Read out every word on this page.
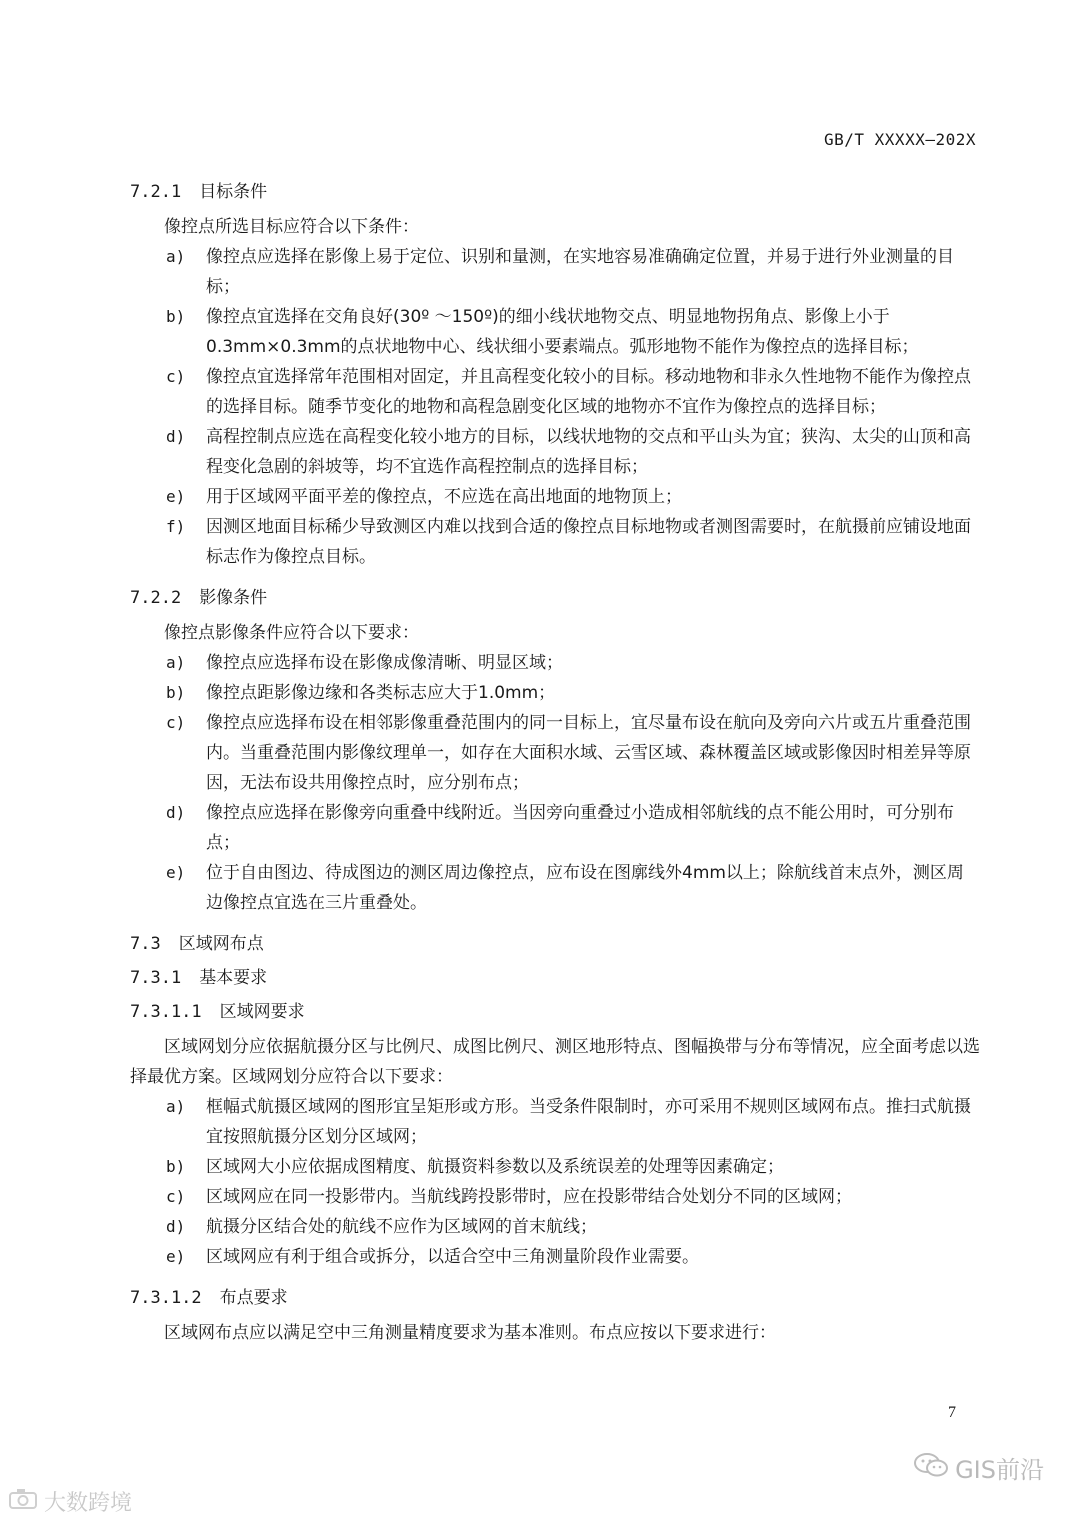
GB/T XXXXX—202X
7.2.1 目标条件

像控点所选目标应符合以下条件：

a)	像控点应选择在影像上易于定位、识别和量测，在实地容易准确确定位置，并易于进行外业测量的目标；
b)	像控点宜选择在交角良好(30º ～150º)的细小线状地物交点、明显地物拐角点、影像上小于0.3mm×0.3mm的点状地物中心、线状细小要素端点。弧形地物不能作为像控点的选择目标；
c)	像控点宜选择常年范围相对固定，并且高程变化较小的目标。移动地物和非永久性地物不能作为像控点的选择目标。随季节变化的地物和高程急剧变化区域的地物亦不宜作为像控点的选择目标；
d)	高程控制点应选在高程变化较小地方的目标，以线状地物的交点和平山头为宜；狭沟、太尖的山顶和高程变化急剧的斜坡等，均不宜选作高程控制点的选择目标；
e)	用于区域网平面平差的像控点，不应选在高出地面的地物顶上；
f)	因测区地面目标稀少导致测区内难以找到合适的像控点目标地物或者测图需要时，在航摄前应铺设地面标志作为像控点目标。
7.2.2 影像条件

像控点影像条件应符合以下要求：

a)	像控点应选择布设在影像成像清晰、明显区域；
b)	像控点距影像边缘和各类标志应大于1.0mm；
c)	像控点应选择布设在相邻影像重叠范围内的同一目标上，宜尽量布设在航向及旁向六片或五片重叠范围内。当重叠范围内影像纹理单一，如存在大面积水域、云雪区域、森林覆盖区域或影像因时相差异等原因，无法布设共用像控点时，应分别布点；
d)	像控点应选择在影像旁向重叠中线附近。当因旁向重叠过小造成相邻航线的点不能公用时，可分别布点；
e)	位于自由图边、待成图边的测区周边像控点，应布设在图廓线外4mm以上；除航线首末点外，测区周边像控点宜选在三片重叠处。
7.3 区域网布点
7.3.1 基本要求
7.3.1.1 区域网要求

区域网划分应依据航摄分区与比例尺、成图比例尺、测区地形特点、图幅换带与分布等情况，应全面考虑以选择最优方案。区域网划分应符合以下要求：

a)	框幅式航摄区域网的图形宜呈矩形或方形。当受条件限制时，亦可采用不规则区域网布点。推扫式航摄宜按照航摄分区划分区域网；
b)	区域网大小应依据成图精度、航摄资料参数以及系统误差的处理等因素确定；
c)	区域网应在同一投影带内。当航线跨投影带时，应在投影带结合处划分不同的区域网；
d)	航摄分区结合处的航线不应作为区域网的首末航线；
e)	区域网应有利于组合或拆分，以适合空中三角测量阶段作业需要。
7.3.1.2 布点要求

区域网布点应以满足空中三角测量精度要求为基本准则。布点应按以下要求进行：

7
大数跨境
GIS前沿
